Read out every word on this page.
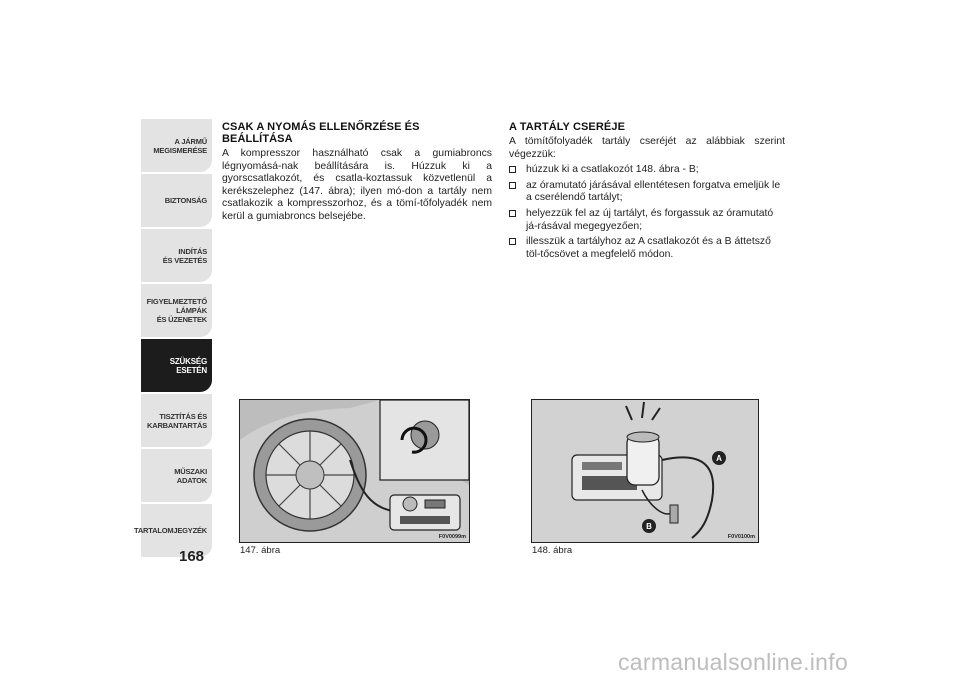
A JÁRMŰ
MEGISMERÉSE
BIZTONSÁG
INDÍTÁS
ÉS VEZETÉS
FIGYELMEZTETŐ
LÁMPÁK
ÉS ÜZENETEK
SZÜKSÉG
ESETÉN
TISZTÍTÁS ÉS
KARBANTARTÁS
MŰSZAKI
ADATOK
TARTALOMJEGYZÉK
168
CSAK A NYOMÁS ELLENŐRZÉSE ÉS BEÁLLÍTÁSA

A kompresszor használható csak a gumiabroncs légnyomásá-nak beállítására is. Húzzuk ki a gyorscsatlakozót, és csatla-koztassuk közvetlenül a kerékszelephez (147. ábra); ilyen mó-don a tartály nem csatlakozik a kompresszorhoz, és a tömí-tőfolyadék nem kerül a gumiabroncs belsejébe.

A TARTÁLY CSERÉJE

A tömítőfolyadék tartály cseréjét az alábbiak szerint végezzük:

húzzuk ki a csatlakozót 148. ábra - B;
az óramutató járásával ellentétesen forgatva emeljük le a cserélendő tartályt;
helyezzük fel az új tartályt, és forgassuk az óramutató já-rásával megegyezően;
illesszük a tartályhoz az A csatlakozót és a B áttetsző töl-tőcsövet a megfelelő módon.
F0V0099m
147. ábra
A
B
F0V0100m
148. ábra
carmanualsonline.info
